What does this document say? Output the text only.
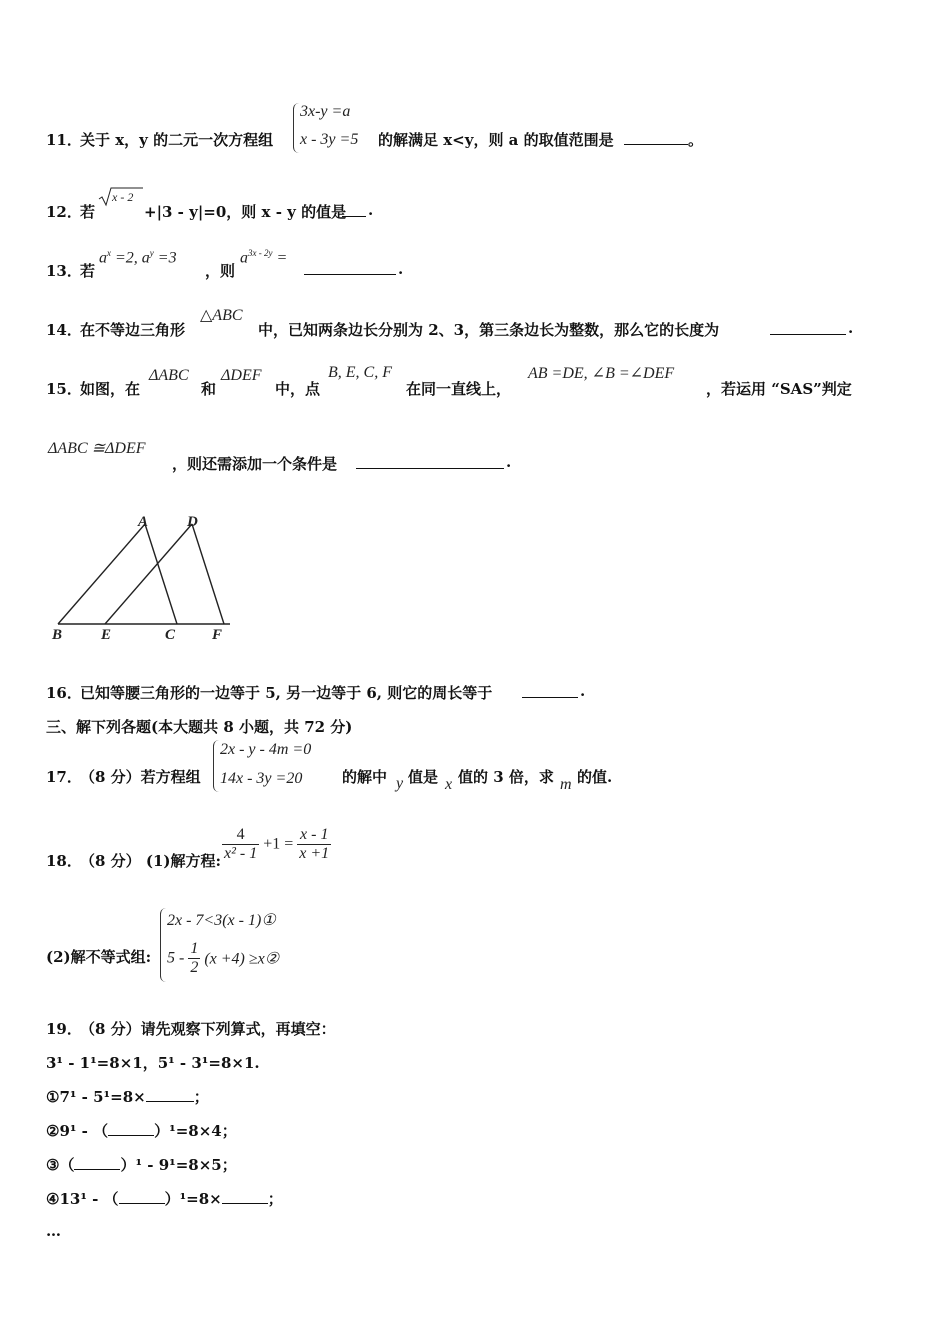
11．
关于 x，y 的二元一次方程组
3x-y =a
x - 3y =5 的解满足 x<y，则 a 的取值范围是	。
12．
若
x - 2
+|3 - y|=0，则 x - y 的值是 .
13．
若
$a^x =2$, $a^y =3$
，则
$a^{3x - 2y}$ =
.
14．
在不等边三角形
△ABC
中，已知两条边长分别为 2、3，第三条边长为整数，那么它的长度为	.
15．
如图，在
ΔABC
和
ΔDEF
中，点
B, E, C, F
在同一直线上，
AB =DE, ∠B =∠DEF
，若运用 “SAS”判定
ΔABC ≅ΔDEF
，则还需添加一个条件是	.
A	D
B	E	C F
16．
已知等腰三角形的一边等于 5, 另一边等于 6, 则它的周长等于	.
三、解下列各题(本大题共 8 小题，共 72 分)
17．
（8 分）若方程组
2x - y - 4m =0
14x - 3y =20	的解中 y 值是 x 值的 3 倍，求 m 的值.
18．
（8 分） (1)解方程: $\frac{4}{\text{x² - 1}} +1 = \frac{x - 1}{x +1}$
(2)解不等式组:
2x - 7<3(x - 1)①
$5 - \frac{1}{2} (x +4)$ ≥x②
19．
（8 分）请先观察下列算式，再填空：
3¹ - 1¹=8×1，5¹ - 3¹=8×1.
①7¹ - 5¹=8×	；
②9¹ - （	）¹=8×4；
③（	）¹ - 9¹=8×5；
④13¹ - （	）¹=8×	；
…
